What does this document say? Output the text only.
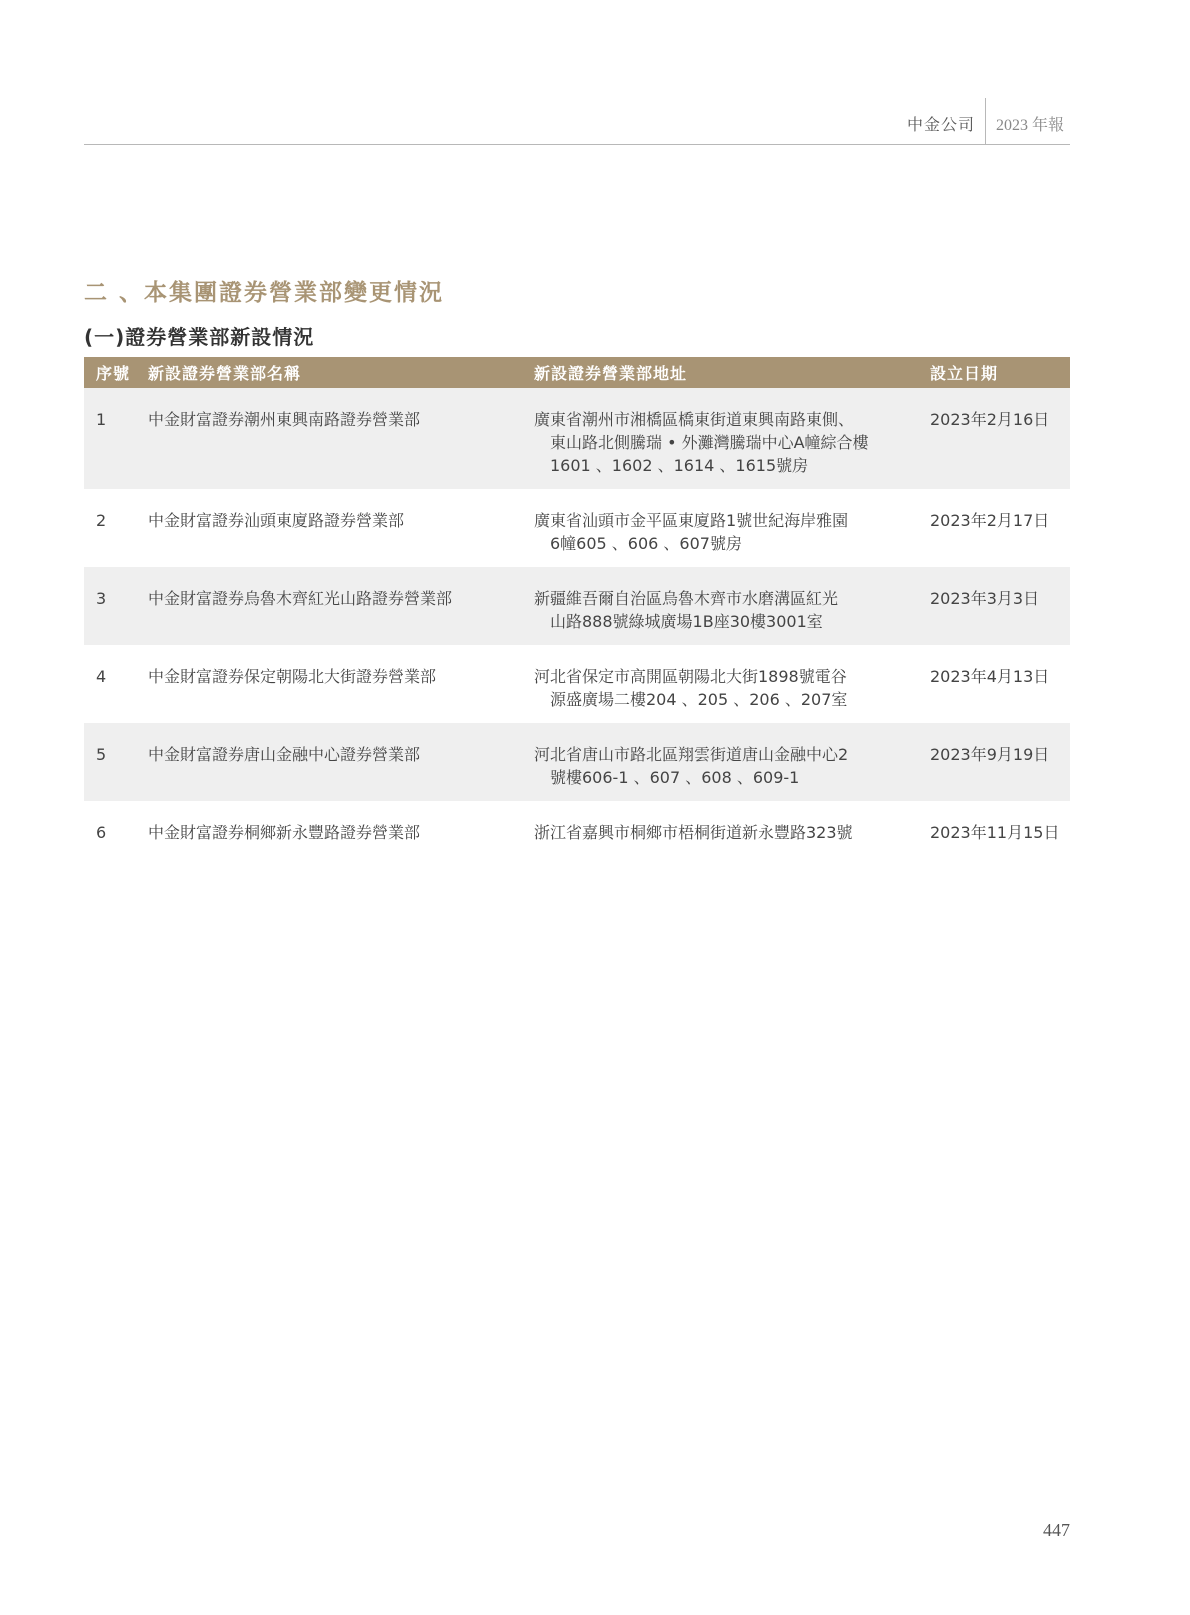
中金公司	2023 年報
二 、本集團證券營業部變更情況
(一)證券營業部新設情況
序號	新設證券營業部名稱	新設證券營業部地址	設立日期
1	中金財富證券潮州東興南路證券營業部	廣東省潮州市湘橋區橋東街道東興南路東側、
東山路北側騰瑞 • 外灘灣騰瑞中心A幢綜合樓
1601 、1602 、1614 、1615號房	2023年2月16日
2	中金財富證券汕頭東廈路證券營業部	廣東省汕頭市金平區東廈路1號世紀海岸雅園
6幢605 、606 、607號房	2023年2月17日
3	中金財富證券烏魯木齊紅光山路證券營業部	新疆維吾爾自治區烏魯木齊市水磨溝區紅光
山路888號綠城廣場1B座30樓3001室	2023年3月3日
4	中金財富證券保定朝陽北大街證券營業部	河北省保定市高開區朝陽北大街1898號電谷
源盛廣場二樓204 、205 、206 、207室	2023年4月13日
5	中金財富證券唐山金融中心證券營業部	河北省唐山市路北區翔雲街道唐山金融中心2
號樓606-1 、607 、608 、609-1	2023年9月19日
6	中金財富證券桐鄉新永豐路證券營業部	浙江省嘉興市桐鄉市梧桐街道新永豐路323號	2023年11月15日
447
